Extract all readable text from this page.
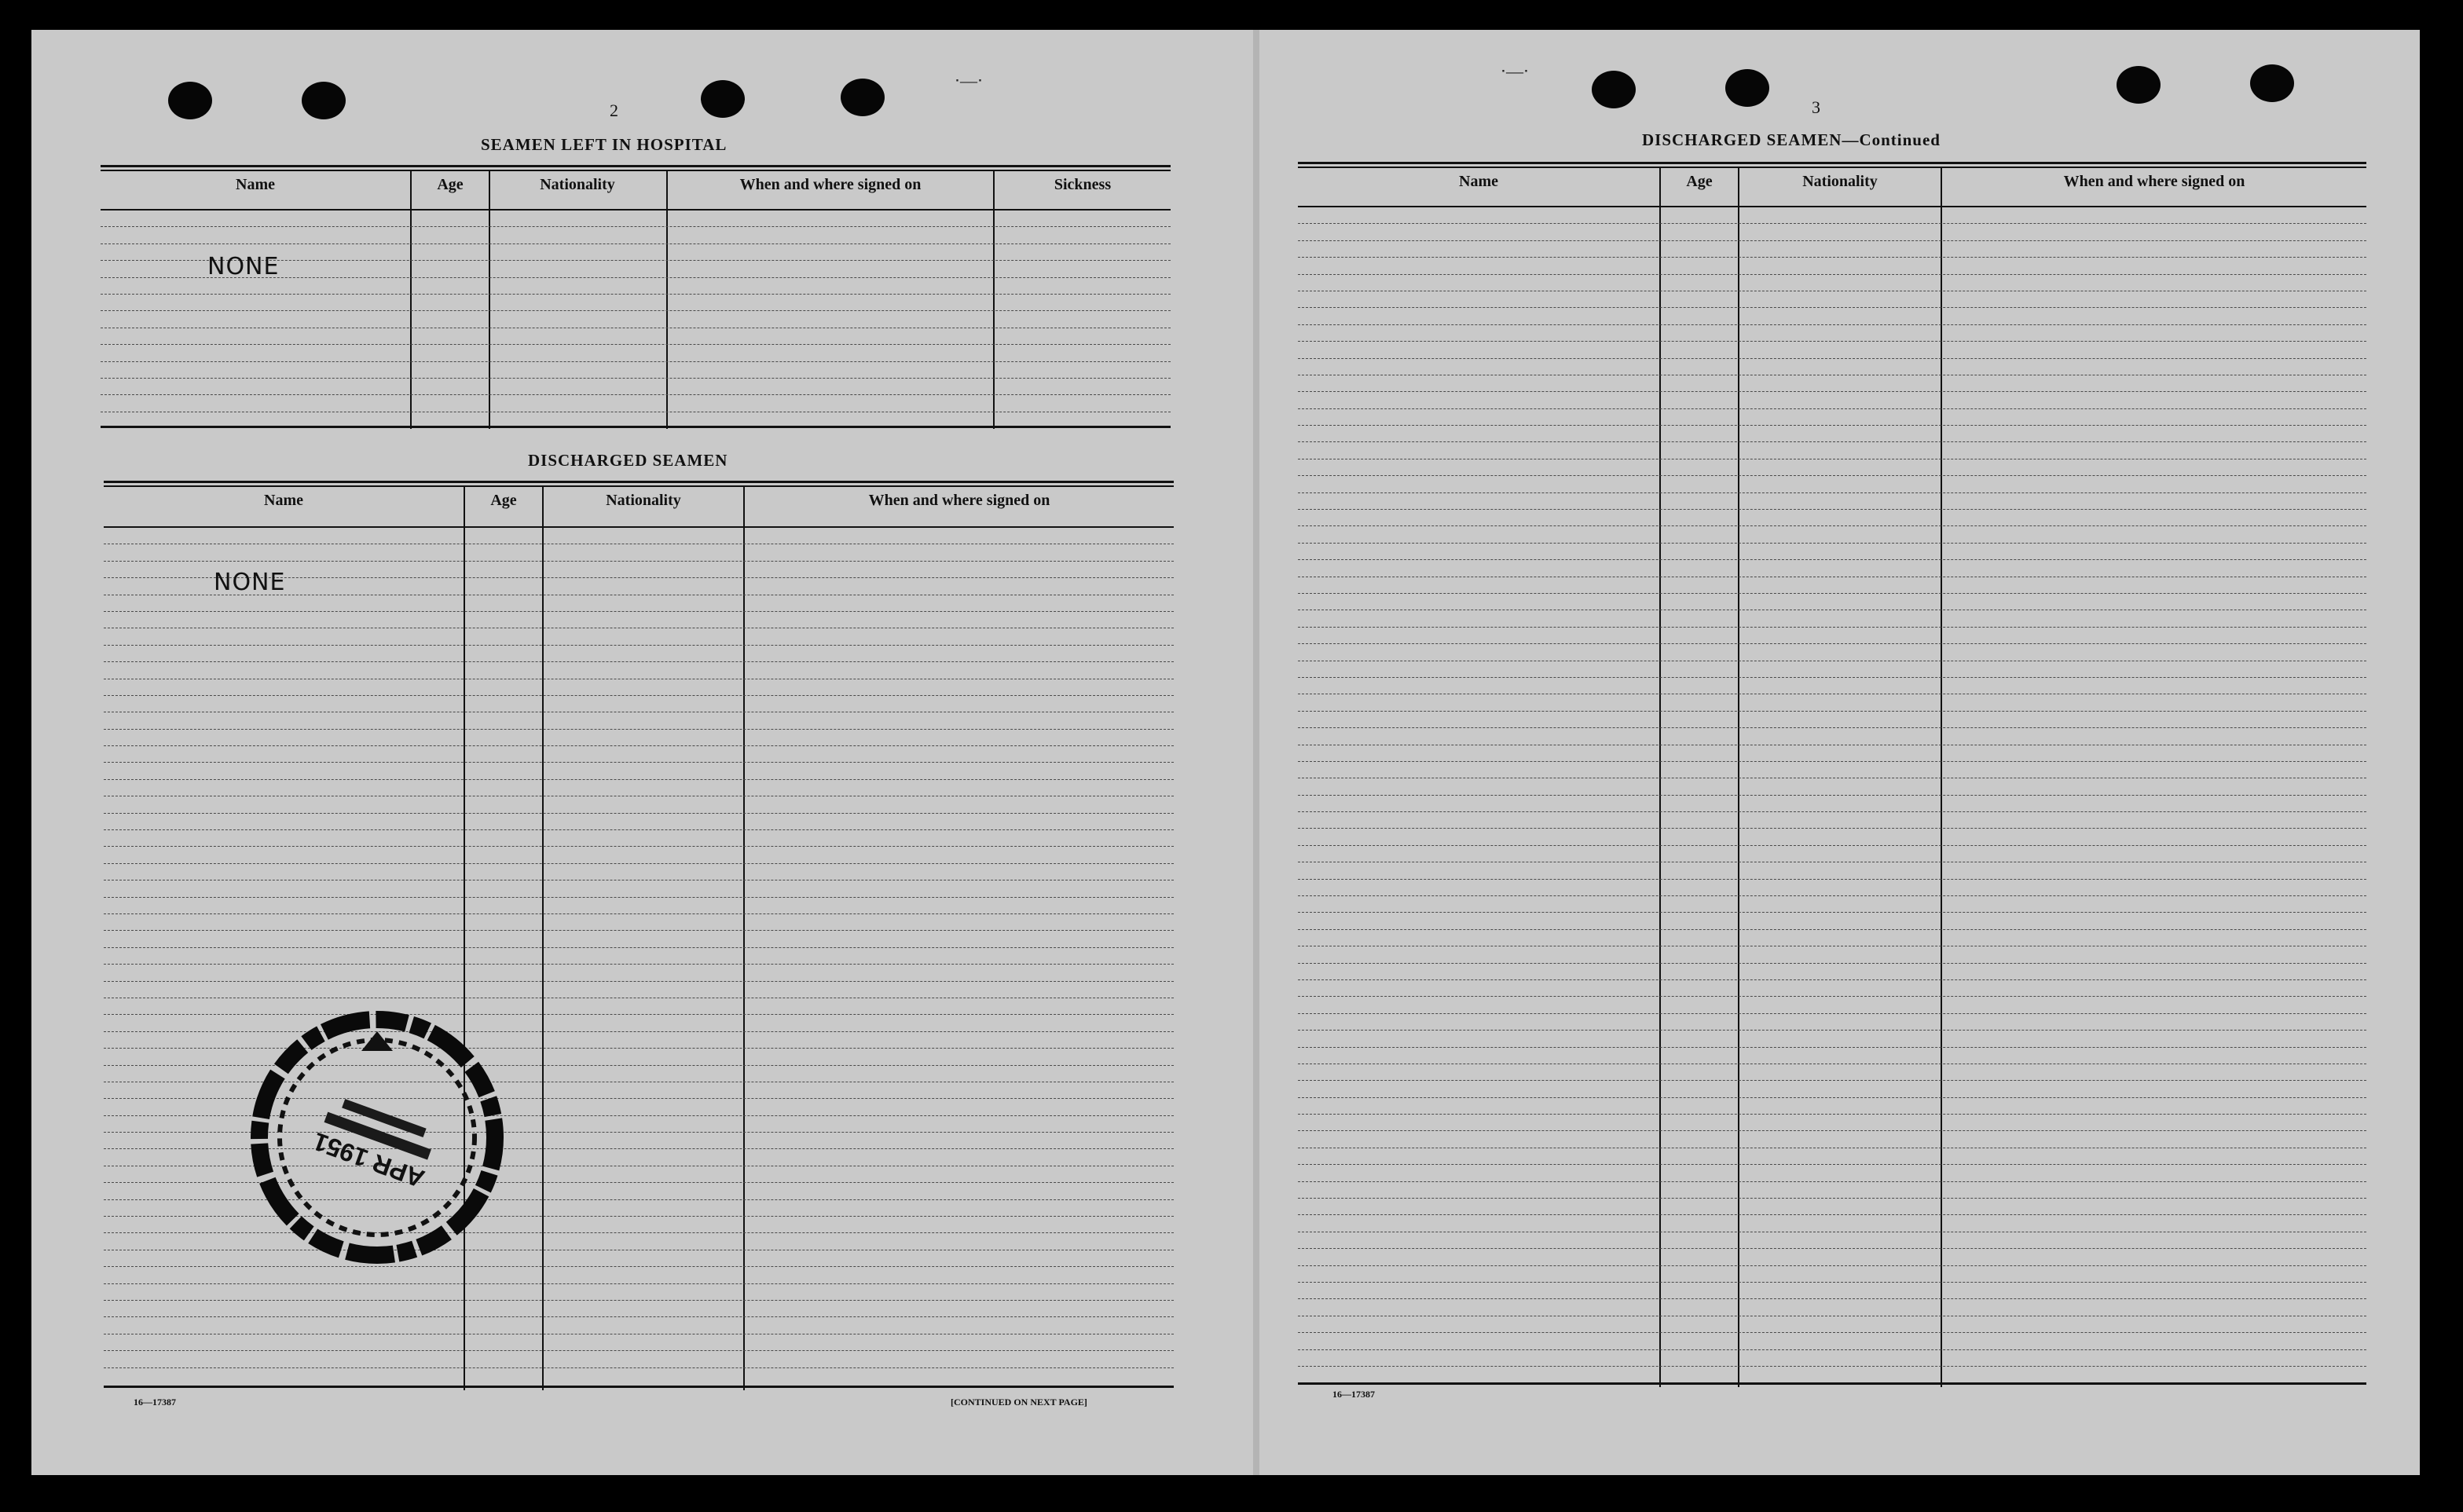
⋅—⋅	⋅—⋅
2
SEAMEN LEFT IN HOSPITAL
Name	Age	Nationality	When and where signed on	Sickness
NONE
DISCHARGED SEAMEN
Name	Age	Nationality	When and where signed on
NONE
16—17387	[CONTINUED ON NEXT PAGE]
APR 1951
3
DISCHARGED SEAMEN—Continued
Name	Age	Nationality	When and where signed on
16—17387
